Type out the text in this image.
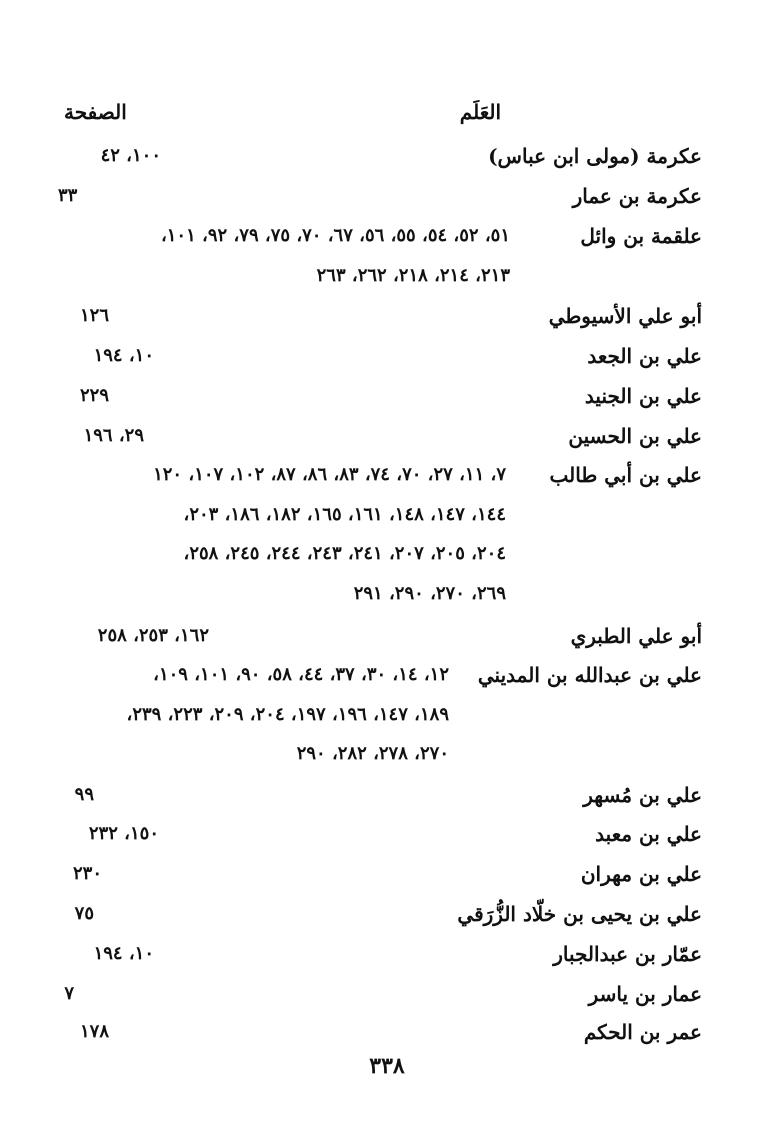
العَلَم
الصفحة
عكرمة (مولى ابن عباس)
١٠٠، ٤٢
عكرمة بن عمار
٣٣
علقمة بن وائل
٥١، ٥٢، ٥٤، ٥٥، ٥٦، ٦٧، ٧٠، ٧٥، ٧٩، ٩٢، ١٠١،
٢١٣، ٢١٤، ٢١٨، ٢٦٢، ٢٦٣
أبو علي الأسيوطي
١٢٦
علي بن الجعد
١٠، ١٩٤
علي بن الجنيد
٢٢٩
علي بن الحسين
٢٩، ١٩٦
علي بن أبي طالب
٧، ١١، ٢٧، ٧٠، ٧٤، ٨٣، ٨٦، ٨٧، ١٠٢، ١٠٧، ١٢٠
١٤٤، ١٤٧، ١٤٨، ١٦١، ١٦٥، ١٨٢، ١٨٦، ٢٠٣،
٢٠٤، ٢٠٥، ٢٠٧، ٢٤١، ٢٤٣، ٢٤٤، ٢٤٥، ٢٥٨،
٢٦٩، ٢٧٠، ٢٩٠، ٢٩١
أبو علي الطبري
١٦٢، ٢٥٣، ٢٥٨
علي بن عبدالله بن المديني
١٢، ١٤، ٣٠، ٣٧، ٤٤، ٥٨، ٩٠، ١٠١، ١٠٩،
١٨٩، ١٤٧، ١٩٦، ١٩٧، ٢٠٤، ٢٠٩، ٢٢٣، ٢٣٩،
٢٧٠، ٢٧٨، ٢٨٢، ٢٩٠
علي بن مُسهر
٩٩
علي بن معبد
١٥٠، ٢٣٢
علي بن مهران
٢٣٠
علي بن يحيى بن خلّاد الزُّرَقي
٧٥
عمّار بن عبدالجبار
١٠، ١٩٤
عمار بن ياسر
٧
عمر بن الحكم
١٧٨
٣٣٨
